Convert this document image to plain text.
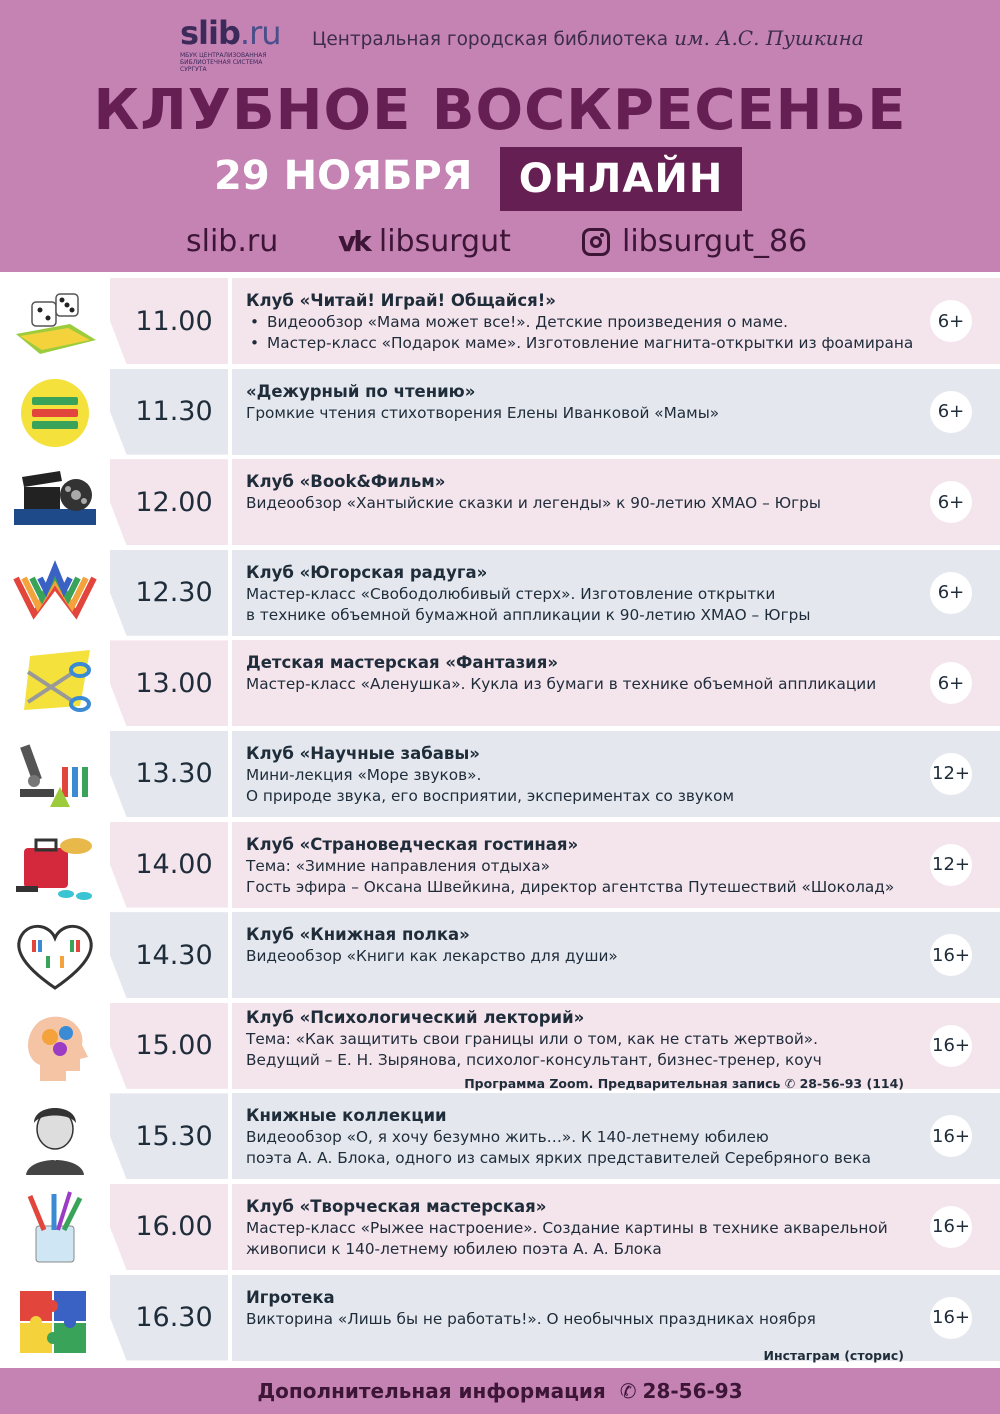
slib.ru
МБУК ЦЕНТРАЛИЗОВАННАЯ БИБЛИОТЕЧНАЯ СИСТЕМА СУРГУТА
Центральная городская библиотека им. А.С. Пушкина
КЛУБНОЕ ВОСКРЕСЕНЬЕ
29 НОЯБРЯ	ОНЛАЙН
slib.ru vk libsurgut	libsurgut_86
11.00
Клуб «Читай! Играй! Общайся!»
• Видеообзор «Мама может все!». Детские произведения о маме.
• Мастер-класс «Подарок маме». Изготовление магнита-открытки из фоамирана
6+
11.30
«Дежурный по чтению»
Громкие чтения стихотворения Елены Иванковой «Мамы»	6+
12.00
Клуб «Book&Фильм»
Видеообзор «Хантыйские сказки и легенды» к 90-летию ХМАО – Югры	6+
12.30
Клуб «Югорская радуга»
Мастер-класс «Свободолюбивый стерх». Изготовление открытки
в технике объемной бумажной аппликации к 90-летию ХМАО – Югры
6+
13.00
Детская мастерская «Фантазия»
Мастер-класс «Аленушка». Кукла из бумаги в технике объемной аппликации	6+
13.30
Клуб «Научные забавы»
Мини-лекция «Море звуков».
О природе звука, его восприятии, экспериментах со звуком
12+
14.00
Клуб «Страноведческая гостиная»
Тема: «Зимние направления отдыха»
Гость эфира – Оксана Швейкина, директор агентства Путешествий «Шоколад»
12+
14.30
Клуб «Книжная полка»
Видеообзор «Книги как лекарство для души»	16+
15.00
Клуб «Психологический лекторий»
Тема: «Как защитить свои границы или о том, как не стать жертвой».
Ведущий – Е. Н. Зырянова, психолог-консультант, бизнес-тренер, коуч
16+
Программа Zoom. Предварительная запись ✆ 28-56-93 (114)
15.30
Книжные коллекции
Видеообзор «О, я хочу безумно жить…». К 140-летнему юбилею
поэта А. А. Блока, одного из самых ярких представителей Серебряного века
16+
16.00
Клуб «Творческая мастерская»
Мастер-класс «Рыжее настроение». Создание картины в технике акварельной
живописи к 140-летнему юбилею поэта А. А. Блока
16+
16.30
Игротека
Викторина «Лишь бы не работать!». О необычных праздниках ноября	16+
Инстаграм (сторис)
Дополнительная информация ✆ 28-56-93
